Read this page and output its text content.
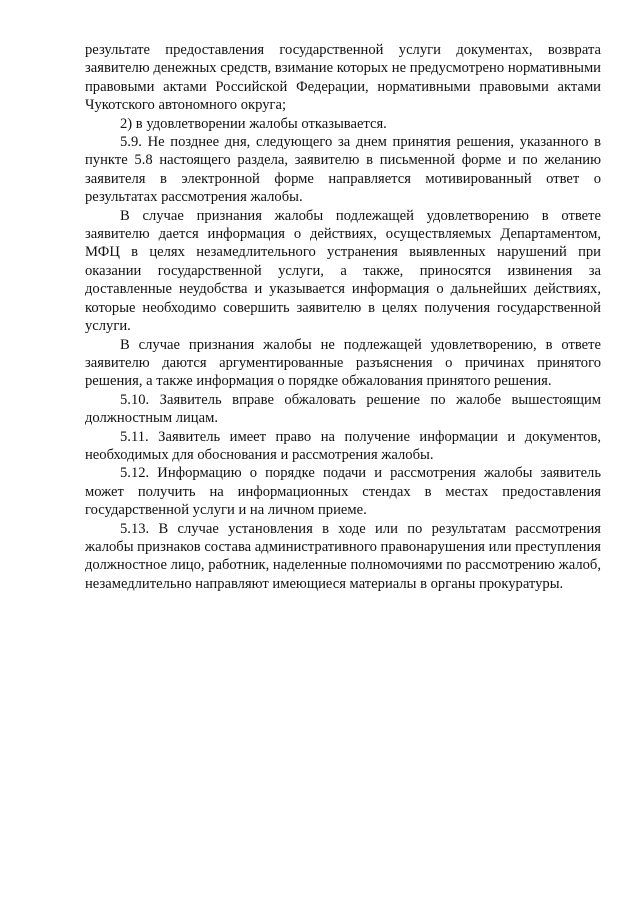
результате предоставления государственной услуги документах, возврата заявителю денежных средств, взимание которых не предусмотрено нормативными правовыми актами Российской Федерации, нормативными правовыми актами Чукотского автономного округа;

2) в удовлетворении жалобы отказывается.

5.9. Не позднее дня, следующего за днем принятия решения, указанного в пункте 5.8 настоящего раздела, заявителю в письменной форме и по желанию заявителя в электронной форме направляется мотивированный ответ о результатах рассмотрения жалобы.

В случае признания жалобы подлежащей удовлетворению в ответе заявителю дается информация о действиях, осуществляемых Департаментом, МФЦ в целях незамедлительного устранения выявленных нарушений при оказании государственной услуги, а также, приносятся извинения за доставленные неудобства и указывается информация о дальнейших действиях, которые необходимо совершить заявителю в целях получения государственной услуги.

В случае признания жалобы не подлежащей удовлетворению, в ответе заявителю даются аргументированные разъяснения о причинах принятого решения, а также информация о порядке обжалования принятого решения.

5.10. Заявитель вправе обжаловать решение по жалобе вышестоящим должностным лицам.

5.11. Заявитель имеет право на получение информации и документов, необходимых для обоснования и рассмотрения жалобы.

5.12. Информацию о порядке подачи и рассмотрения жалобы заявитель может получить на информационных стендах в местах предоставления государственной услуги и на личном приеме.

5.13. В случае установления в ходе или по результатам рассмотрения жалобы признаков состава административного правонарушения или преступления должностное лицо, работник, наделенные полномочиями по рассмотрению жалоб, незамедлительно направляют имеющиеся материалы в органы прокуратуры.
